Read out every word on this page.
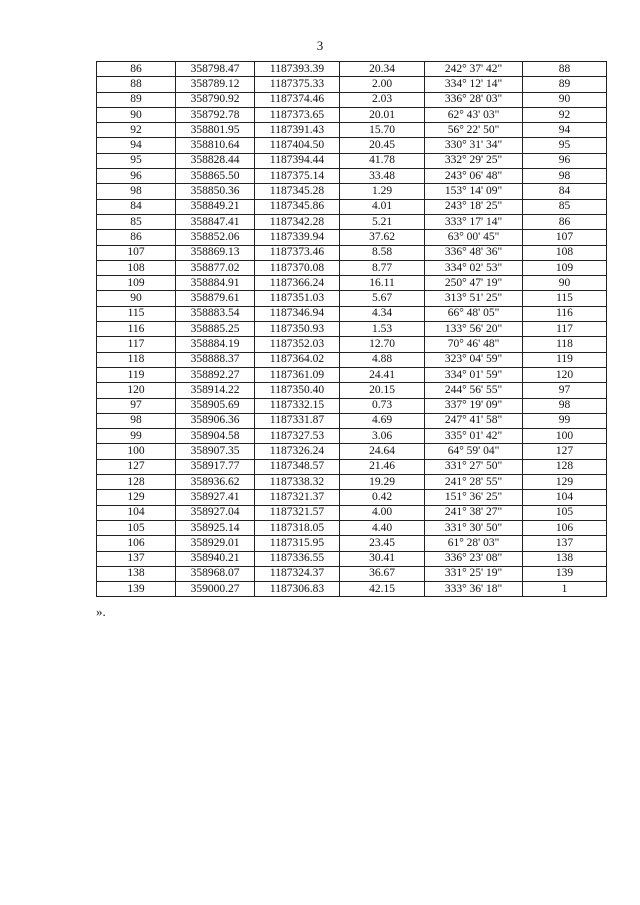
3
86	358798.47	1187393.39	20.34	242° 37' 42"	88
88	358789.12	1187375.33	2.00	334° 12' 14"	89
89	358790.92	1187374.46	2.03	336° 28' 03"	90
90	358792.78	1187373.65	20.01	62° 43' 03"	92
92	358801.95	1187391.43	15.70	56° 22' 50"	94
94	358810.64	1187404.50	20.45	330° 31' 34"	95
95	358828.44	1187394.44	41.78	332° 29' 25"	96
96	358865.50	1187375.14	33.48	243° 06' 48"	98
98	358850.36	1187345.28	1.29	153° 14' 09"	84
84	358849.21	1187345.86	4.01	243° 18' 25"	85
85	358847.41	1187342.28	5.21	333° 17' 14"	86
86	358852.06	1187339.94	37.62	63° 00' 45"	107
107	358869.13	1187373.46	8.58	336° 48' 36"	108
108	358877.02	1187370.08	8.77	334° 02' 53"	109
109	358884.91	1187366.24	16.11	250° 47' 19"	90
90	358879.61	1187351.03	5.67	313° 51' 25"	115
115	358883.54	1187346.94	4.34	66° 48' 05"	116
116	358885.25	1187350.93	1.53	133° 56' 20"	117
117	358884.19	1187352.03	12.70	70° 46' 48"	118
118	358888.37	1187364.02	4.88	323° 04' 59"	119
119	358892.27	1187361.09	24.41	334° 01' 59"	120
120	358914.22	1187350.40	20.15	244° 56' 55"	97
97	358905.69	1187332.15	0.73	337° 19' 09"	98
98	358906.36	1187331.87	4.69	247° 41' 58"	99
99	358904.58	1187327.53	3.06	335° 01' 42"	100
100	358907.35	1187326.24	24.64	64° 59' 04"	127
127	358917.77	1187348.57	21.46	331° 27' 50"	128
128	358936.62	1187338.32	19.29	241° 28' 55"	129
129	358927.41	1187321.37	0.42	151° 36' 25"	104
104	358927.04	1187321.57	4.00	241° 38' 27"	105
105	358925.14	1187318.05	4.40	331° 30' 50"	106
106	358929.01	1187315.95	23.45	61° 28' 03"	137
137	358940.21	1187336.55	30.41	336° 23' 08"	138
138	358968.07	1187324.37	36.67	331° 25' 19"	139
139	359000.27	1187306.83	42.15	333° 36' 18"	1
».
